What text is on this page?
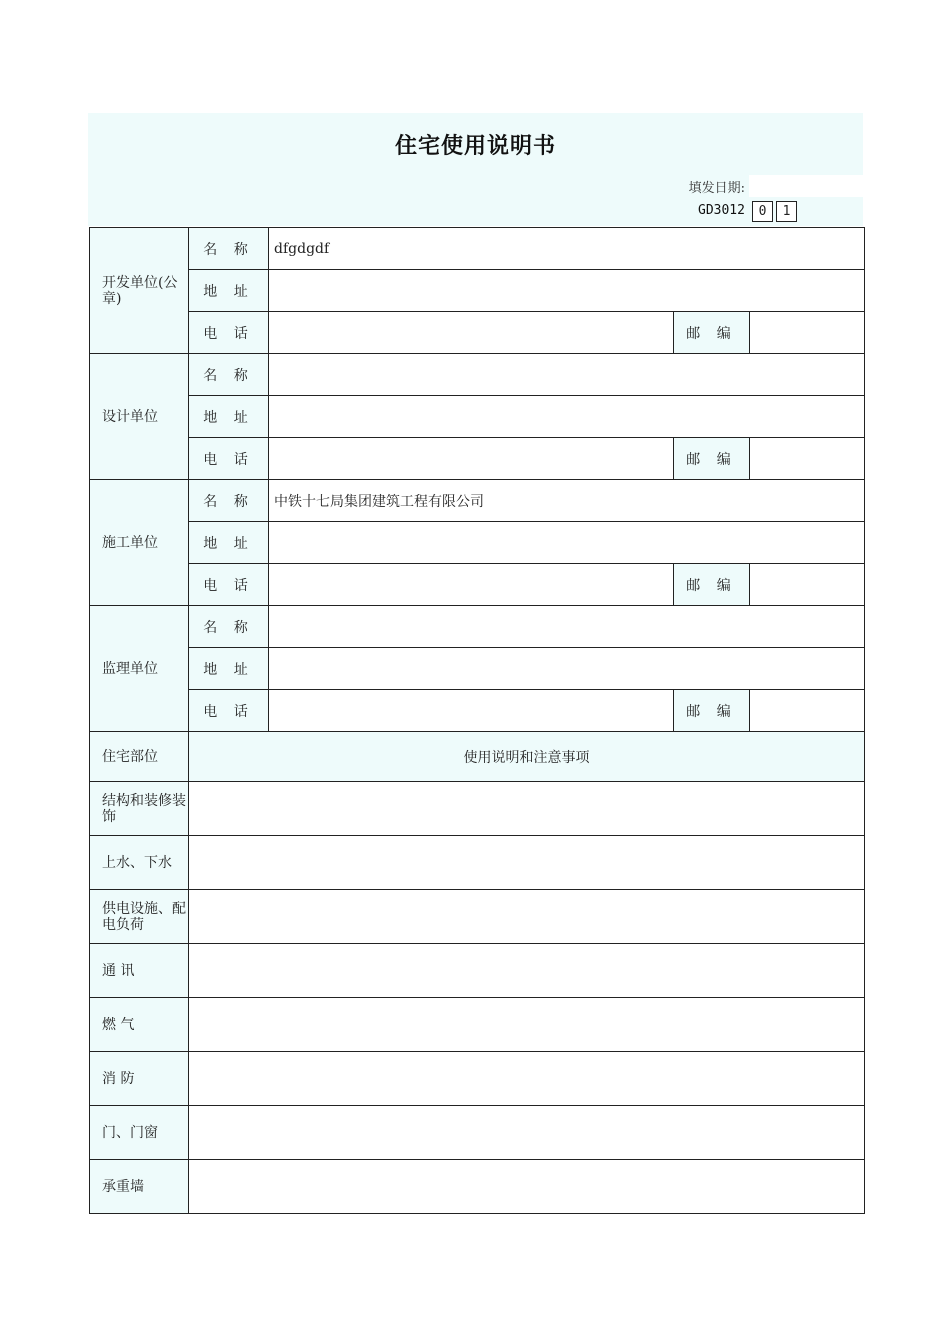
住宅使用说明书
填发日期:
GD3012	0	1
开发单位(公章)	名 称	dfgdgdf		
	地 址			
	电 话		邮 编	
设计单位	名 称			
	地 址			
	电 话		邮 编	
施工单位	名 称	中铁十七局集团建筑工程有限公司		
	地 址			
	电 话		邮 编	
监理单位	名 称			
	地 址			
	电 话		邮 编	
住宅部位	使用说明和注意事项			
结构和装修装饰				
上水、下水				
供电设施、配电负荷				
通 讯				
燃 气				
消 防				
门、门窗				
承重墙				
